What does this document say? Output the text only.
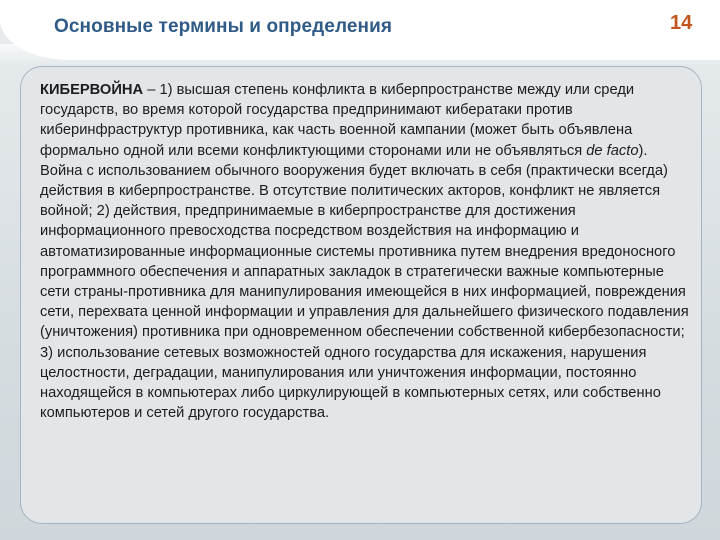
Основные термины и определения	14

КИБЕРВОЙНА – 1) высшая степень конфликта в киберпространстве между или среди государств, во время которой государства предпринимают кибератаки против киберинфраструктур противника, как часть военной кампании (может быть объявлена формально одной или всеми конфликтующими сторонами или не объявляться de facto). Война с использованием обычного вооружения будет включать в себя (практически всегда) действия в киберпространстве. В отсутствие политических акторов, конфликт не является войной; 2) действия, предпринимаемые в киберпространстве для достижения информационного превосходства посредством воздействия на информацию и автоматизированные информационные системы противника путем внедрения вредоносного программного обеспечения и аппаратных закладок в стратегически важные компьютерные сети страны-противника для манипулирования имеющейся в них информацией, повреждения сети, перехвата ценной информации и управления для дальнейшего физического подавления (уничтожения) противника при одновременном обеспечении собственной кибербезопасности; 3) использование сетевых возможностей одного государства для искажения, нарушения целостности, деградации, манипулирования или уничтожения информации, постоянно находящейся в компьютерах либо циркулирующей в компьютерных сетях, или собственно компьютеров и сетей другого государства.
